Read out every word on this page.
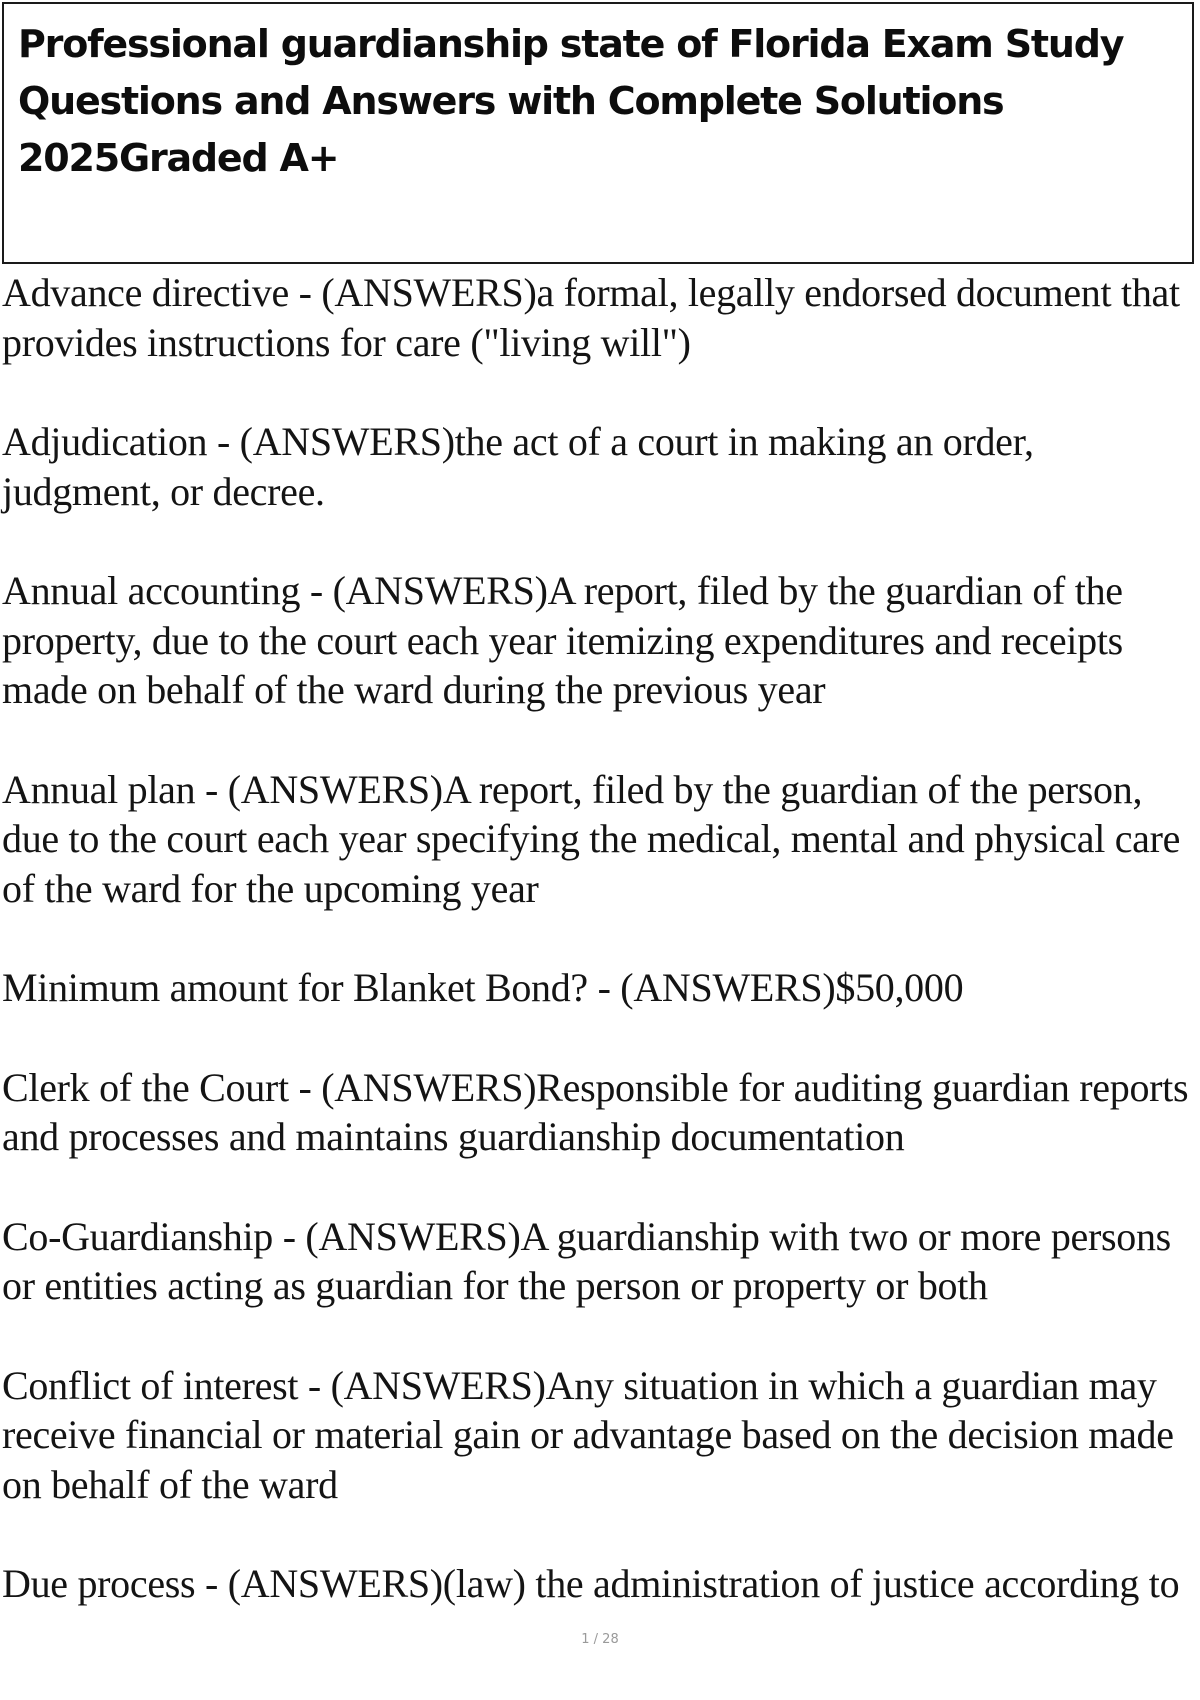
Professional guardianship state of Florida Exam Study Questions and Answers with Complete Solutions 2025Graded A+
Advance directive - (ANSWERS)a formal, legally endorsed document that provides instructions for care ("living will")
Adjudication - (ANSWERS)the act of a court in making an order, judgment, or decree.
Annual accounting - (ANSWERS)A report, filed by the guardian of the property, due to the court each year itemizing expenditures and receipts made on behalf of the ward during the previous year
Annual plan - (ANSWERS)A report, filed by the guardian of the person, due to the court each year specifying the medical, mental and physical care of the ward for the upcoming year
Minimum amount for Blanket Bond? - (ANSWERS)$50,000
Clerk of the Court - (ANSWERS)Responsible for auditing guardian reports and processes and maintains guardianship documentation
Co-Guardianship - (ANSWERS)A guardianship with two or more persons or entities acting as guardian for the person or property or both
Conflict of interest - (ANSWERS)Any situation in which a guardian may receive financial or material gain or advantage based on the decision made on behalf of the ward
Due process - (ANSWERS)(law) the administration of justice according to
1 / 28
